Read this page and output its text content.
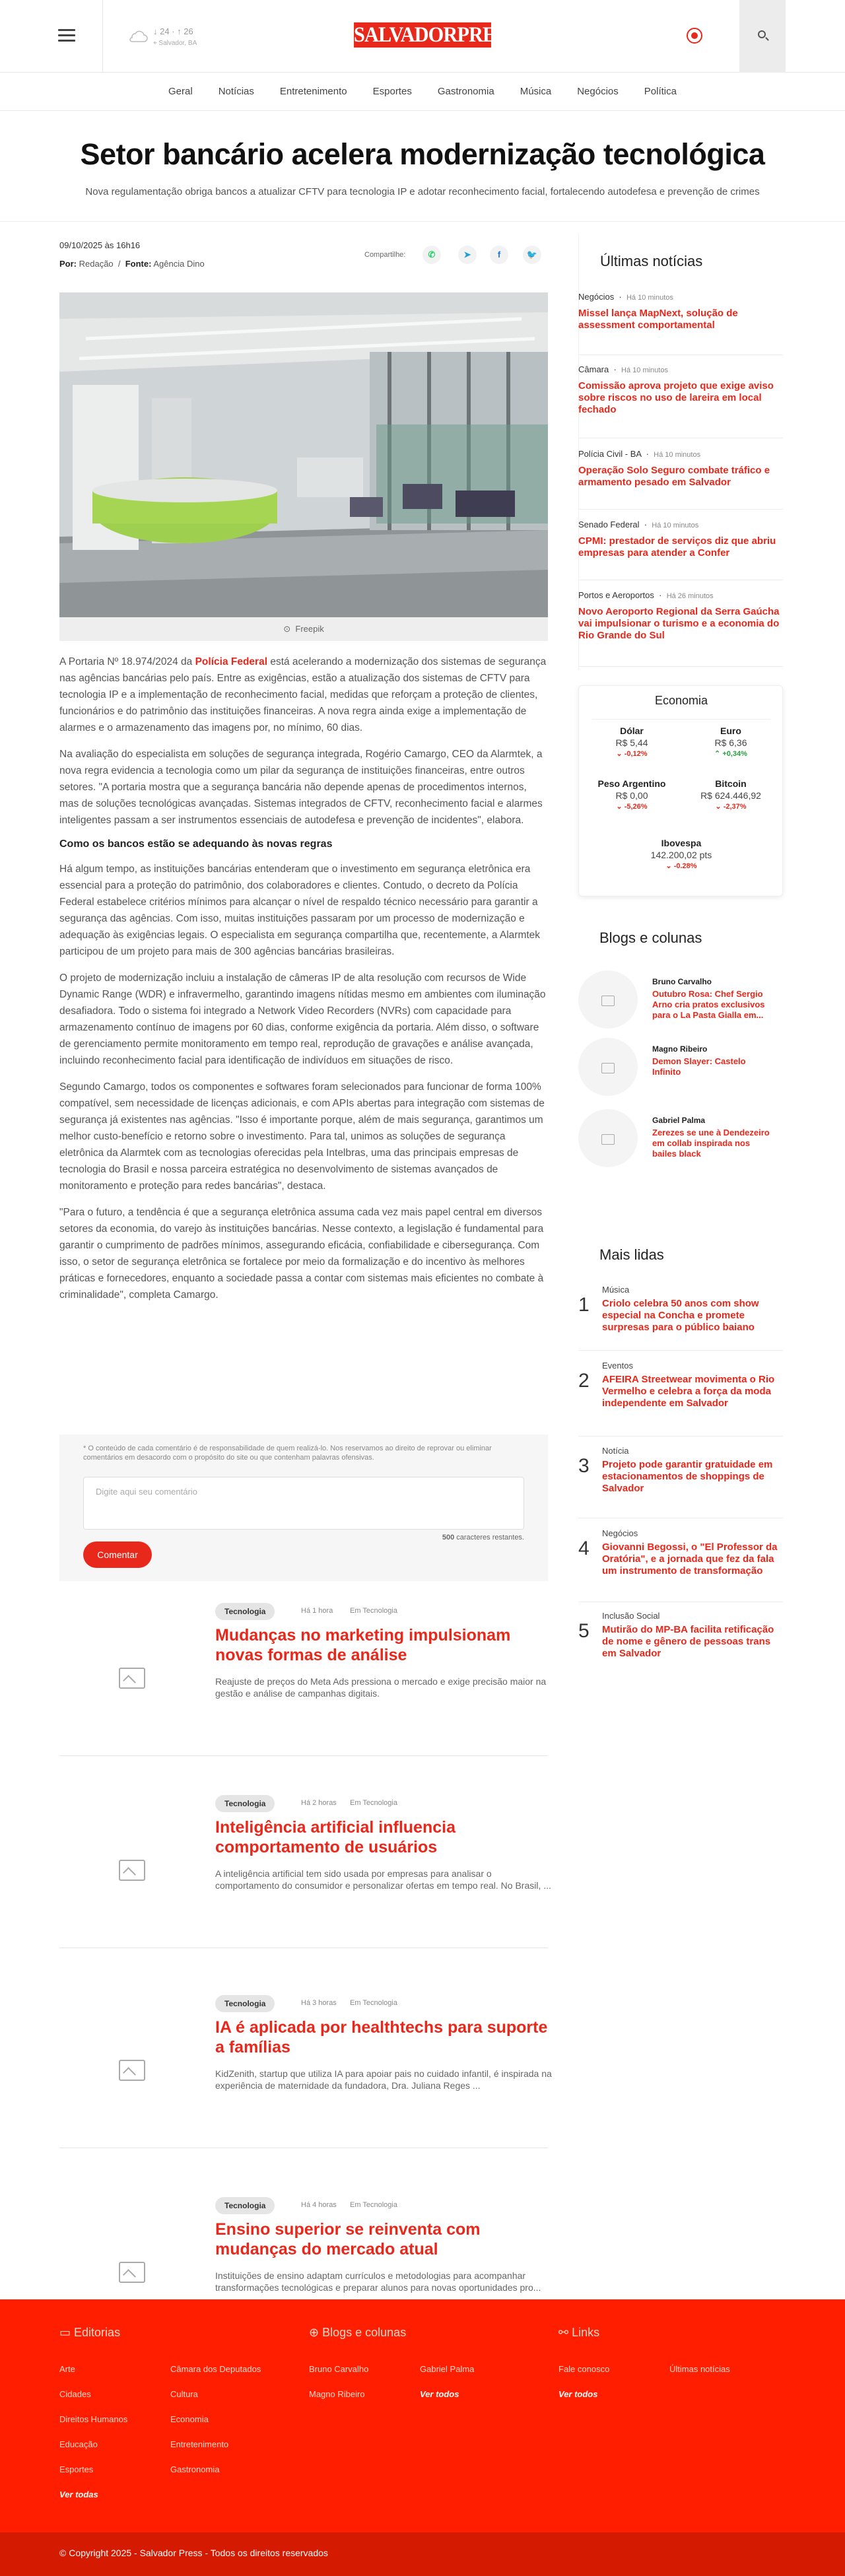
↓ 24 · ↑ 26
⌖ Salvador, BA	SALVADORPRESS
Geral	Notícias	Entretenimento	Esportes	Gastronomia	Música	Negócios	Política
Setor bancário acelera modernização tecnológica

Nova regulamentação obriga bancos a atualizar CFTV para tecnologia IP e adotar reconhecimento facial, fortalecendo autodefesa e prevenção de crimes

09/10/2025 às 16h16
Por: Redação  /  Fonte: Agência Dino
Compartilhe:	✆	➤	f	🐦
⊙ Freepik

A Portaria Nº 18.974/2024 da Polícia Federal está acelerando a modernização dos sistemas de segurança nas agências bancárias pelo país. Entre as exigências, estão a atualização dos sistemas de CFTV para tecnologia IP e a implementação de reconhecimento facial, medidas que reforçam a proteção de clientes, funcionários e do patrimônio das instituições financeiras. A nova regra ainda exige a implementação de alarmes e o armazenamento das imagens por, no mínimo, 60 dias.

Na avaliação do especialista em soluções de segurança integrada, Rogério Camargo, CEO da Alarmtek, a nova regra evidencia a tecnologia como um pilar da segurança de instituições financeiras, entre outros setores. "A portaria mostra que a segurança bancária não depende apenas de procedimentos internos, mas de soluções tecnológicas avançadas. Sistemas integrados de CFTV, reconhecimento facial e alarmes inteligentes passam a ser instrumentos essenciais de autodefesa e prevenção de incidentes", elabora.

Como os bancos estão se adequando às novas regras

Há algum tempo, as instituições bancárias entenderam que o investimento em segurança eletrônica era essencial para a proteção do patrimônio, dos colaboradores e clientes. Contudo, o decreto da Polícia Federal estabelece critérios mínimos para alcançar o nível de respaldo técnico necessário para garantir a segurança das agências. Com isso, muitas instituições passaram por um processo de modernização e adequação às exigências legais. O especialista em segurança compartilha que, recentemente, a Alarmtek participou de um projeto para mais de 300 agências bancárias brasileiras.

O projeto de modernização incluiu a instalação de câmeras IP de alta resolução com recursos de Wide Dynamic Range (WDR) e infravermelho, garantindo imagens nítidas mesmo em ambientes com iluminação desafiadora. Todo o sistema foi integrado a Network Video Recorders (NVRs) com capacidade para armazenamento contínuo de imagens por 60 dias, conforme exigência da portaria. Além disso, o software de gerenciamento permite monitoramento em tempo real, reprodução de gravações e análise avançada, incluindo reconhecimento facial para identificação de indivíduos em situações de risco.

Segundo Camargo, todos os componentes e softwares foram selecionados para funcionar de forma 100% compatível, sem necessidade de licenças adicionais, e com APIs abertas para integração com sistemas de segurança já existentes nas agências. "Isso é importante porque, além de mais segurança, garantimos um melhor custo-benefício e retorno sobre o investimento. Para tal, unimos as soluções de segurança eletrônica da Alarmtek com as tecnologias oferecidas pela Intelbras, uma das principais empresas de tecnologia do Brasil e nossa parceira estratégica no desenvolvimento de sistemas avançados de monitoramento e proteção para redes bancárias", destaca.

"Para o futuro, a tendência é que a segurança eletrônica assuma cada vez mais papel central em diversos setores da economia, do varejo às instituições bancárias. Nesse contexto, a legislação é fundamental para garantir o cumprimento de padrões mínimos, assegurando eficácia, confiabilidade e cibersegurança. Com isso, o setor de segurança eletrônica se fortalece por meio da formalização e do incentivo às melhores práticas e fornecedores, enquanto a sociedade passa a contar com sistemas mais eficientes no combate à criminalidade", completa Camargo.

* O conteúdo de cada comentário é de responsabilidade de quem realizá-lo. Nos reservamos ao direito de reprovar ou eliminar comentários em desacordo com o propósito do site ou que contenham palavras ofensivas.
Digite aqui seu comentário
500 caracteres restantes.
Comentar
Tecnologia	Há 1 hora Em Tecnologia
Mudanças no marketing impulsionam novas formas de análise
Reajuste de preços do Meta Ads pressiona o mercado e exige precisão maior na gestão e análise de campanhas digitais.
Tecnologia	Há 2 horas Em Tecnologia
Inteligência artificial influencia comportamento de usuários
A inteligência artificial tem sido usada por empresas para analisar o comportamento do consumidor e personalizar ofertas em tempo real. No Brasil, ...
Tecnologia	Há 3 horas Em Tecnologia
IA é aplicada por healthtechs para suporte a famílias
KidZenith, startup que utiliza IA para apoiar pais no cuidado infantil, é inspirada na experiência de maternidade da fundadora, Dra. Juliana Reges ...
Tecnologia	Há 4 horas Em Tecnologia
Ensino superior se reinventa com mudanças do mercado atual
Instituições de ensino adaptam currículos e metodologias para acompanhar transformações tecnológicas e preparar alunos para novas oportunidades pro...
Últimas notícias
Negócios  ·  Há 10 minutos
Missel lança MapNext, solução de assessment comportamental
Câmara  ·  Há 10 minutos
Comissão aprova projeto que exige aviso sobre riscos no uso de lareira em local fechado
Polícia Civil - BA  ·  Há 10 minutos
Operação Solo Seguro combate tráfico e armamento pesado em Salvador
Senado Federal  ·  Há 10 minutos
CPMI: prestador de serviços diz que abriu empresas para atender a Confer
Portos e Aeroportos  ·  Há 26 minutos
Novo Aeroporto Regional da Serra Gaúcha vai impulsionar o turismo e a economia do Rio Grande do Sul
Economia
Dólar
R$ 5,44
⌄ -0,12%
Euro
R$ 6,36
⌃ +0,34%
Peso Argentino
R$ 0,00
⌄ -5,26%
Bitcoin
R$ 624.446,92
⌄ -2,37%
Ibovespa
142.200,02 pts
⌄ -0.28%
Blogs e colunas
Bruno Carvalho
Outubro Rosa: Chef Sergio Arno cria pratos exclusivos para o La Pasta Gialla em...
Magno Ribeiro
Demon Slayer: Castelo Infinito
Gabriel Palma
Zerezes se une à Dendezeiro em collab inspirada nos bailes black
Mais lidas
1
Música
Criolo celebra 50 anos com show especial na Concha e promete surpresas para o público baiano
2
Eventos
AFEIRA Streetwear movimenta o Rio Vermelho e celebra a força da moda independente em Salvador
3
Notícia
Projeto pode garantir gratuidade em estacionamentos de shoppings de Salvador
4
Negócios
Giovanni Begossi, o "El Professor da Oratória", e a jornada que fez da fala um instrumento de transformação
5
Inclusão Social
Mutirão do MP-BA facilita retificação de nome e gênero de pessoas trans em Salvador
▭ Editorias	⊕ Blogs e colunas	⚯ Links
Arte	Câmara dos Deputados
Cidades	Cultura
Direitos Humanos	Economia
Educação	Entretenimento
Esportes	Gastronomia
Ver todas
Bruno Carvalho	Gabriel Palma
Magno Ribeiro	Ver todos
Fale conosco	Últimas notícias
Ver todos
© Copyright 2025 - Salvador Press - Todos os direitos reservados
